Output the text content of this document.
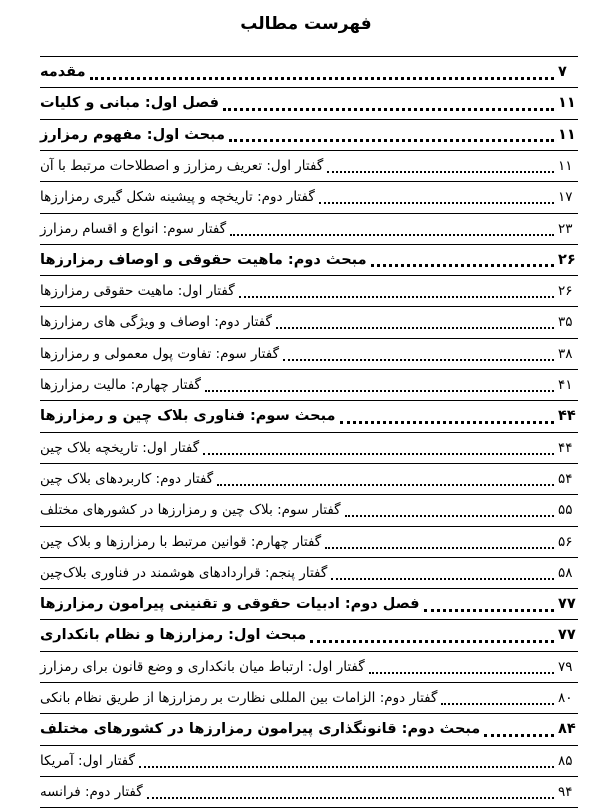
فهرست مطالب
مقدمه	۷
فصل اول: مبانی و کلیات	۱۱
مبحث اول: مفهوم رمزارز	۱۱
گفتار اول: تعریف رمزارز و اصطلاحات مرتبط با آن	۱۱
گفتار دوم: تاریخچه و پیشینه شکل گیری رمزارزها	۱۷
گفتار سوم: انواع و اقسام رمزارز	۲۳
مبحث دوم: ماهیت حقوقی و اوصاف رمزارزها	۲۶
گفتار اول: ماهیت حقوقی رمزارزها	۲۶
گفتار دوم: اوصاف و ویژگی های رمزارزها	۳۵
گفتار سوم: تفاوت پول معمولی و رمزارزها	۳۸
گفتار چهارم: مالیت رمزارزها	۴۱
مبحث سوم: فناوری بلاک چین و رمزارزها	۴۴
گفتار اول: تاریخچه بلاک چین	۴۴
گفتار دوم: کاربردهای بلاک چین	۵۴
گفتار سوم: بلاک چین و رمزارزها در کشورهای مختلف	۵۵
گفتار چهارم: قوانین مرتبط با رمزارزها و بلاک چین	۵۶
گفتار پنجم: قراردادهای هوشمند در فناوری بلاک‌چین	۵۸
فصل دوم: ادبیات حقوقی و تقنینی پیرامون رمزارزها	۷۷
مبحث اول: رمزارزها و نظام بانکداری	۷۷
گفتار اول: ارتباط میان بانکداری و وضع قانون برای رمزارز	۷۹
گفتار دوم: الزامات بین المللی نظارت بر رمزارزها از طریق نظام بانکی	۸۰
مبحث دوم: قانونگذاری پیرامون رمزارزها در کشورهای مختلف	۸۴
گفتار اول: آمریکا	۸۵
گفتار دوم: فرانسه	۹۴
